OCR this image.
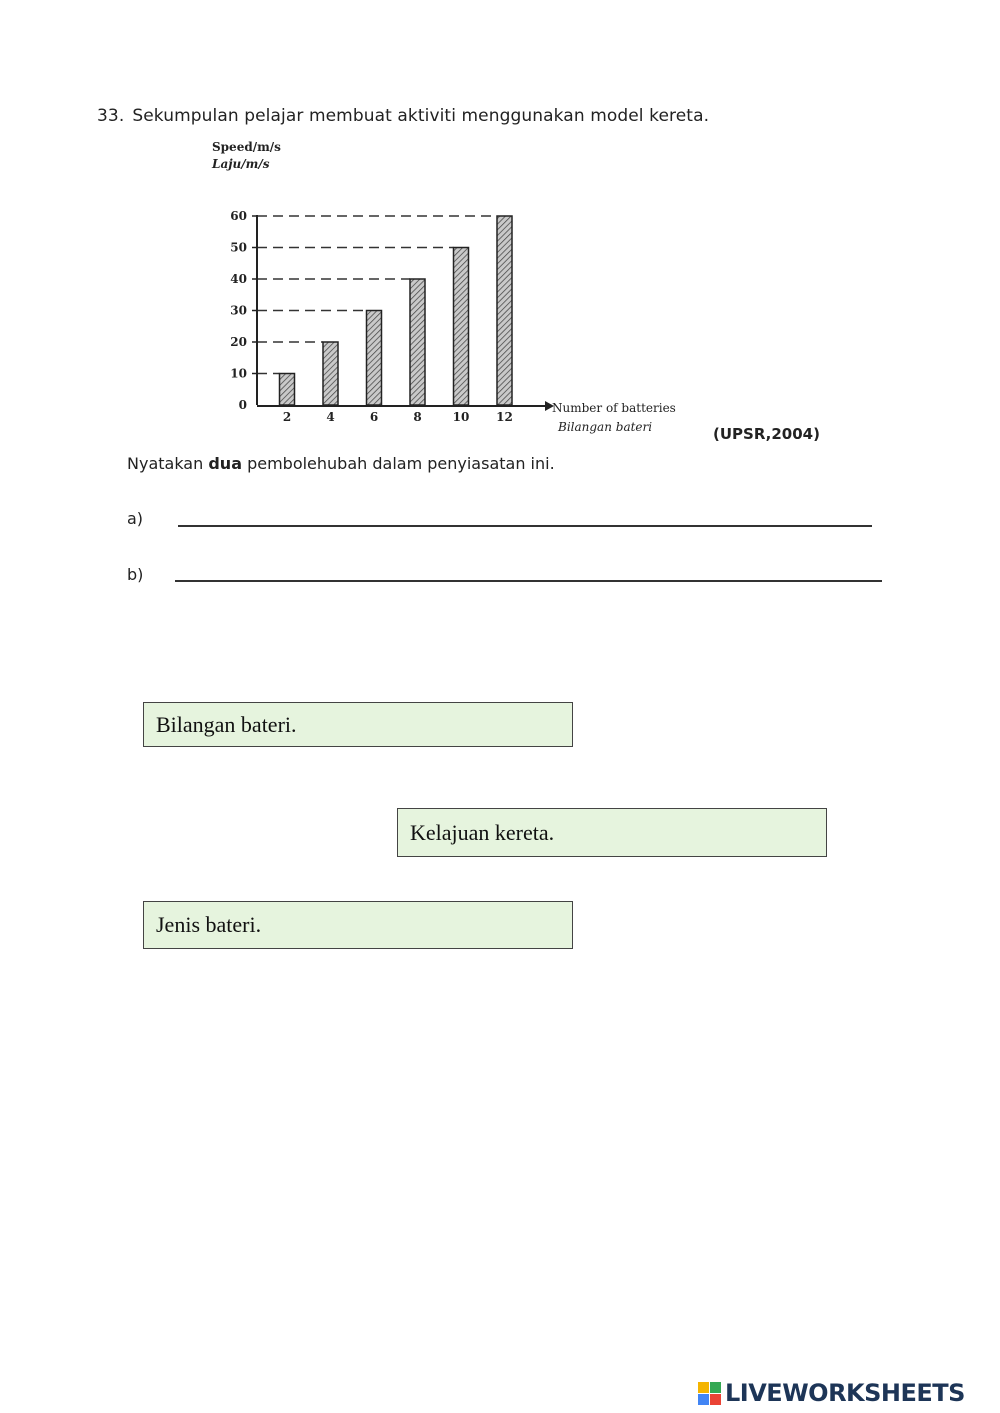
33. Sekumpulan pelajar membuat aktiviti menggunakan model kereta.
Speed/m/s
Laju/m/s
0
10
20
30
40
50
60
2	4	6	8	10 12
Number of batteries
Bilangan bateri	(UPSR,2004)
Nyatakan dua pembolehubah dalam penyiasatan ini.
a)
b)
Bilangan bateri.
Kelajuan kereta.
Jenis bateri.
LIVEWORKSHEETS
